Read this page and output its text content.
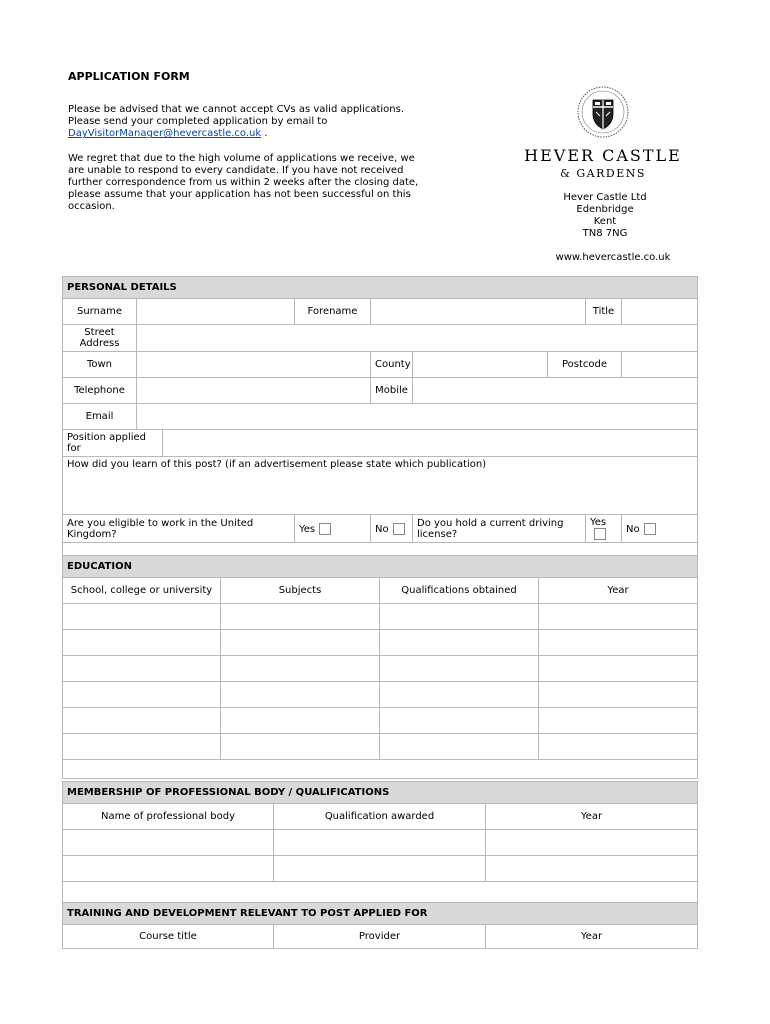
APPLICATION FORM

Please be advised that we cannot accept CVs as valid applications.
Please send your completed application by email to
DayVisitorManager@hevercastle.co.uk .

We regret that due to the high volume of applications we receive, we are unable to respond to every candidate. If you have not received further correspondence from us within 2 weeks after the closing date, please assume that your application has not been successful on this occasion.

HEVER CASTLE
& GARDENS
Hever Castle Ltd
Edenbridge
Kent
TN8 7NG
www.hevercastle.co.uk
PERSONAL DETAILS								
Surname			Forename				Title	
Street Address								
Town				County		Postcode		
Telephone				Mobile				
Email								
Position applied for								
How did you learn of this post? (if an advertisement please state which publication)								
Are you eligible to work in the United Kingdom?			Yes	No	Do you hold a current driving license?		Yes	No

EDUCATION			
School, college or university	Subjects	Qualifications obtained	Year

MEMBERSHIP OF PROFESSIONAL BODY / QUALIFICATIONS		
Name of professional body	Qualification awarded	Year

TRAINING AND DEVELOPMENT RELEVANT TO POST APPLIED FOR
Course title	Provider	Year
